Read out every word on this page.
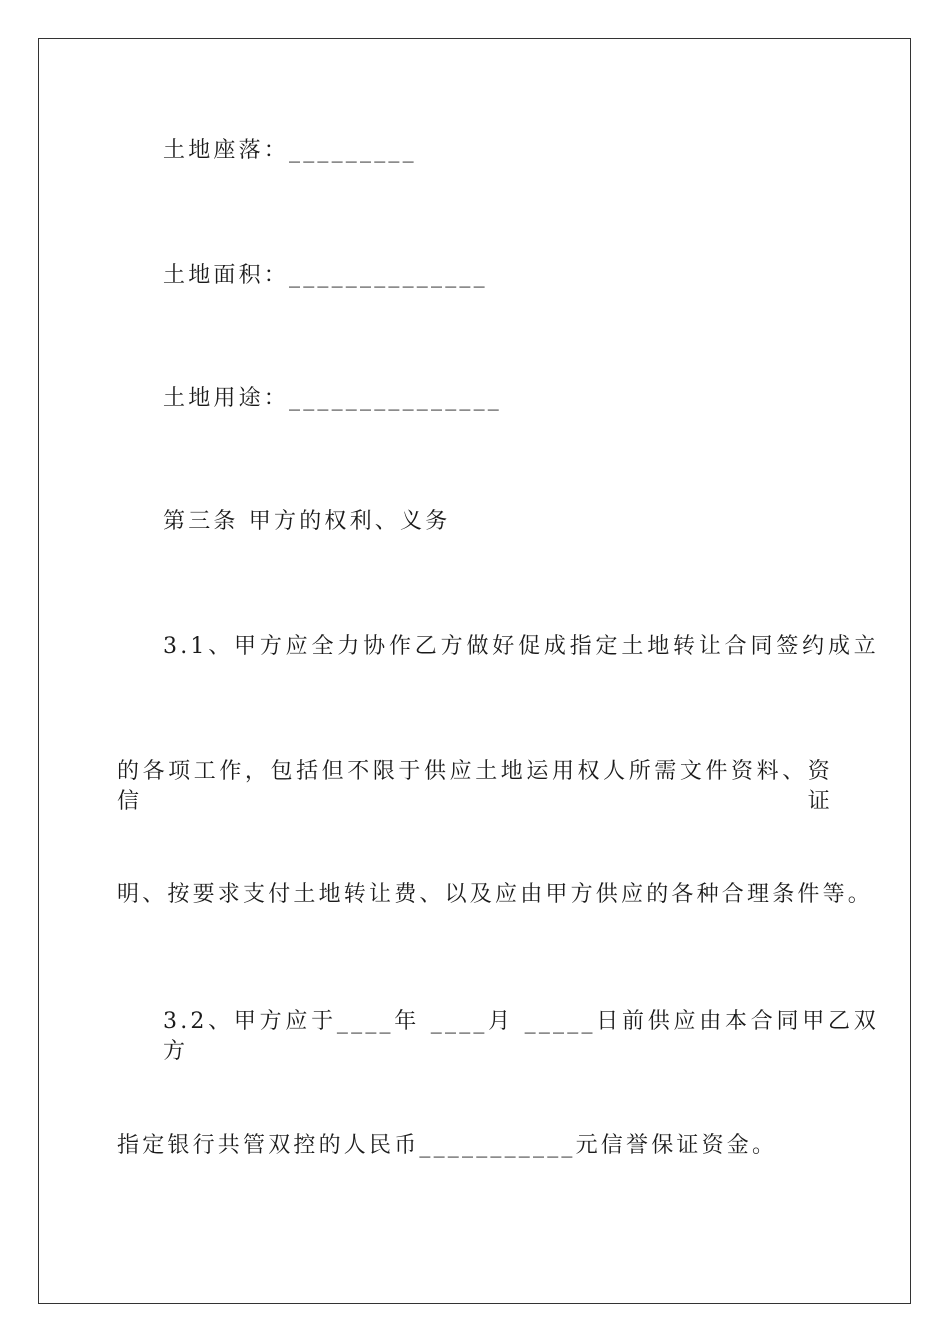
土地座落：_________
土地面积：______________
土地用途：_______________
第三条 甲方的权利、义务
3.1、甲方应全力协作乙方做好促成指定土地转让合同签约成立
的各项工作，包括但不限于供应土地运用权人所需文件资料、资信证
明、按要求支付土地转让费、以及应由甲方供应的各种合理条件等。
3.2、甲方应于____年 ____月 _____日前供应由本合同甲乙双方
指定银行共管双控的人民币___________元信誉保证资金。
